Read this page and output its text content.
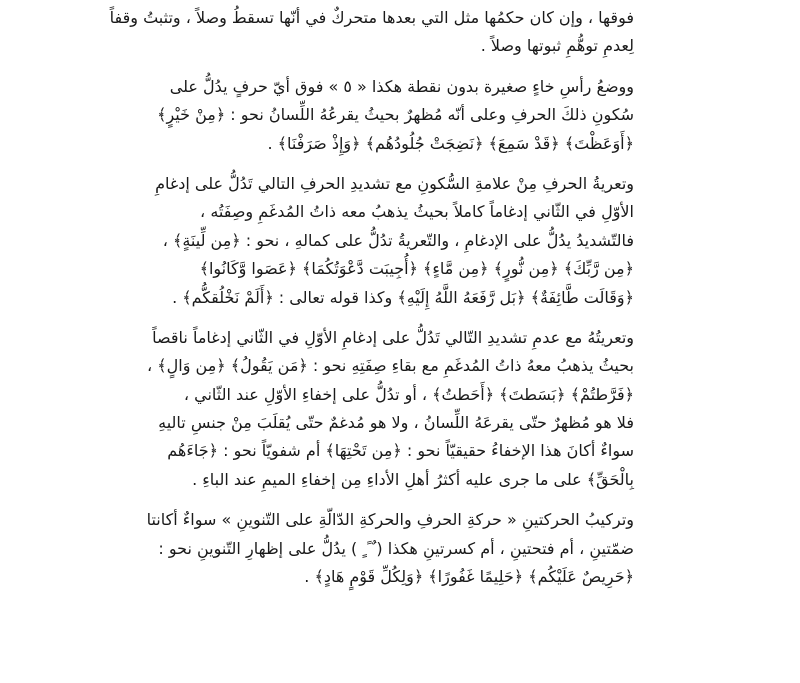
فوقها ، وإن كان حكمُها مثل التي بعدها متحركٌ في أنّها تسقطُ وصلاً ، وتثبتُ وقفاً
لِعدمِ توهُّمِ ثبوتها وصلاً .
ووضعُ رأسِ خاءٍ صغيرة بدون نقطة هكذا « ٥ » فوق أيّ حرفٍ يدُلُّ على
سُكونِ ذلكَ الحرفِ وعلى أنّه مُظهرٌ بحيثُ يقرعُهُ اللِّسانُ نحو : ﴿مِنْ خَيْرٍ﴾
﴿أَوَعَظْتَ﴾ ﴿قَدْ سَمِعَ﴾ ﴿نَضِجَتْ جُلُودُهُم﴾ ﴿وَإِذْ صَرَفْنَا﴾ .
وتعريةُ الحرفِ مِنْ علامةِ السُّكونِ مع تشديدِ الحرفِ التالي تَدُلُّ على إدغامِ
الأوّلِ في الثّاني إدغاماً كاملاً بحيثُ يذهبُ معه ذاتُ المُدغَمِ وصِفَتُه ،
فالتّشديدُ يدُلُّ على الإدغامِ ، والتّعريةُ تدُلُّ على كمالهِ ، نحو : ﴿مِن لِّينَةٍ﴾ ،
﴿مِن رَّبِّكَ﴾ ﴿مِن نُّورٍ﴾ ﴿مِن مَّاءٍ﴾ ﴿أُجِيبَت دَّعْوَتُكُمَا﴾ ﴿عَصَوا وَّكَانُوا﴾
﴿وَقَالَت طَّائِفَةٌ﴾ ﴿بَل رَّفَعَهُ اللَّهُ إِلَيْهِ﴾ وكذا قوله تعالى : ﴿أَلَمْ نَخْلُقكُّم﴾ .
وتعريتُهُ مع عدمِ تشديدِ التّالي تَدُلُّ على إدغامِ الأوّلِ في الثّاني إدغاماً ناقصاً
بحيثُ يذهبُ معهُ ذاتُ المُدغَمِ مع بقاءِ صِفَتِهِ نحو : ﴿مَن يَقُولُ﴾ ﴿مِن وَالٍ﴾ ،
﴿فَرَّطتُمْ﴾ ﴿بَسَطتَ﴾ ﴿أَحَطتُ﴾ ، أو تدُلُّ على إخفاءِ الأوّلِ عند الثّاني ،
فلا هو مُظهرٌ حتّى يقرعَهُ اللِّسانُ ، ولا هو مُدغمٌ حتّى يُقلَبَ مِنْ جنسِ تاليهِ
سواءٌ أكانَ هذا الإخفاءُ حقيقيّاً نحو : ﴿مِن تَحْتِهَا﴾ أم شفويّاً نحو : ﴿جَاءَهُم
بِالْحَقِّ﴾ على ما جرى عليه أكثرُ أهلِ الأداءِ مِن إخفاءِ الميمِ عند الباءِ .
وتركيبُ الحركتينِ « حركةِ الحرفِ والحركةِ الدّالّةِ على التّنوينِ » سواءٌ أكانتا
ضمّتينِ ، أم فتحتينِ ، أم كسرتينِ هكذا ( ٌ ً ٍ ) يدُلُّ على إظهارِ التّنوينِ نحو :
﴿حَرِيصٌ عَلَيْكُم﴾ ﴿حَلِيمًا غَفُورًا﴾ ﴿وَلِكُلِّ قَوْمٍ هَادٍ﴾ .
